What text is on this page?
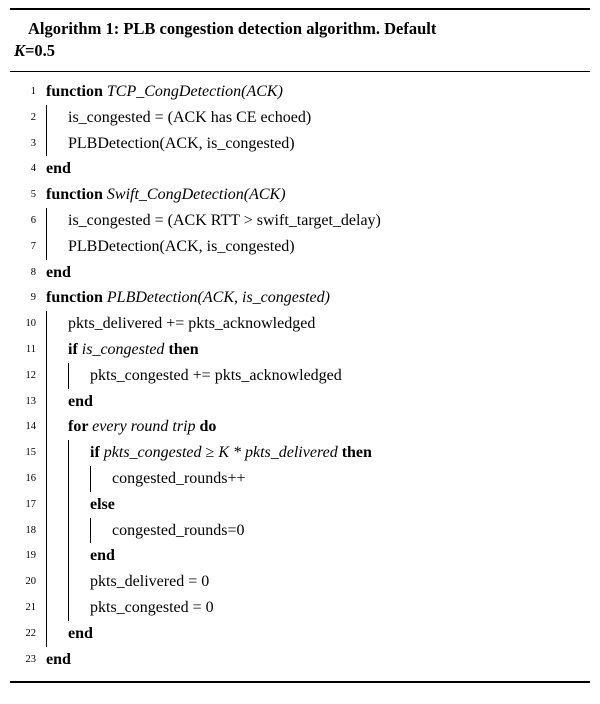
Algorithm 1: PLB congestion detection algorithm. Default
K=0.5
1 function TCP_CongDetection(ACK)
2 is_congested = (ACK has CE echoed)
3 PLBDetection(ACK, is_congested)
4 end
5 function Swift_CongDetection(ACK)
6 is_congested = (ACK RTT > swift_target_delay)
7 PLBDetection(ACK, is_congested)
8 end
9 function PLBDetection(ACK, is_congested)
10 pkts_delivered += pkts_acknowledged
11 if is_congested then
12	pkts_congested += pkts_acknowledged
13 end
14 for every round trip do
15	if pkts_congested ≥ K * pkts_delivered then
16	congested_rounds++
17	else
18	congested_rounds=0
19	end
20	pkts_delivered = 0
21	pkts_congested = 0
22 end
23 end
